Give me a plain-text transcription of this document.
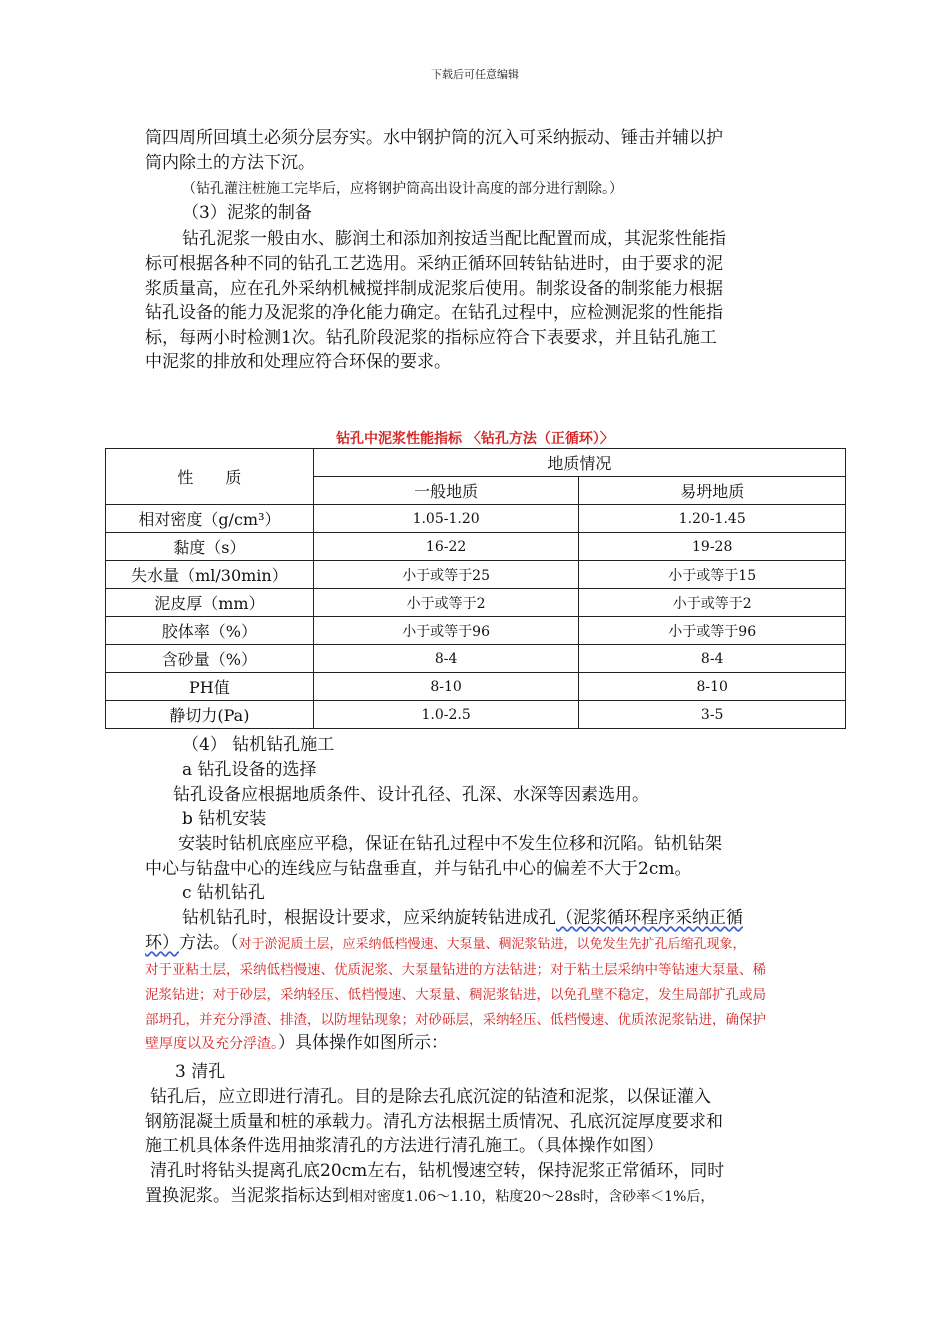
下载后可任意编辑
筒四周所回填土必须分层夯实。水中钢护筒的沉入可采纳振动、锤击并辅以护
筒内除土的方法下沉。
（钻孔灌注桩施工完毕后，应将钢护筒高出设计高度的部分进行割除。）
（3）泥浆的制备
钻孔泥浆一般由水、膨润土和添加剂按适当配比配置而成，其泥浆性能指
标可根据各种不同的钻孔工艺选用。采纳正循环回转钻钻进时，由于要求的泥
浆质量高，应在孔外采纳机械搅拌制成泥浆后使用。制浆设备的制浆能力根据
钻孔设备的能力及泥浆的净化能力确定。在钻孔过程中，应检测泥浆的性能指
标，每两小时检测1次。钻孔阶段泥浆的指标应符合下表要求，并且钻孔施工
中泥浆的排放和处理应符合环保的要求。
钻孔中泥浆性能指标 〈钻孔方法（正循环）〉
性　　质	地质情况	
	一般地质	易坍地质
相对密度（g/cm³）	1.05-1.20	1.20-1.45
黏度（s）	16-22	19-28
失水量（ml/30min）	小于或等于25	小于或等于15
泥皮厚（mm）	小于或等于2	小于或等于2
胶体率（%）	小于或等于96	小于或等于96
含砂量（%）	8-4	8-4
PH值	8-10	8-10
静切力(Pa)	1.0-2.5	3-5
（4） 钻机钻孔施工
a 钻孔设备的选择
钻孔设备应根据地质条件、设计孔径、孔深、水深等因素选用。
b 钻机安装
安装时钻机底座应平稳，保证在钻孔过程中不发生位移和沉陷。钻机钻架
中心与钻盘中心的连线应与钻盘垂直，并与钻孔中心的偏差不大于2cm。
c 钻机钻孔
钻机钻孔时，根据设计要求，应采纳旋转钻进成孔（泥浆循环程序采纳正循
环）方法。（对于淤泥质土层，应采纳低档慢速、大泵量、稠泥浆钻进，以免发生先扩孔后缩孔现象，
对于亚粘土层，采纳低档慢速、优质泥浆、大泵量钻进的方法钻进；对于粘土层采纳中等钻速大泵量、稀
泥浆钻进；对于砂层，采纳轻压、低档慢速、大泵量、稠泥浆钻进，以免孔壁不稳定，发生局部扩孔或局
部坍孔，并充分淨渣、排渣，以防埋钻现象；对砂砾层，采纳轻压、低档慢速、优质浓泥浆钻进，确保护
壁厚度以及充分浮渣。）具体操作如图所示：
3 清孔
钻孔后，应立即进行清孔。目的是除去孔底沉淀的钻渣和泥浆，以保证灌入
钢筋混凝土质量和桩的承载力。清孔方法根据土质情况、孔底沉淀厚度要求和
施工机具体条件选用抽浆清孔的方法进行清孔施工。（具体操作如图）
清孔时将钻头提离孔底20cm左右，钻机慢速空转，保持泥浆正常循环，同时
置换泥浆。当泥浆指标达到相对密度1.06～1.10，粘度20～28s时，含砂率＜1%后，
